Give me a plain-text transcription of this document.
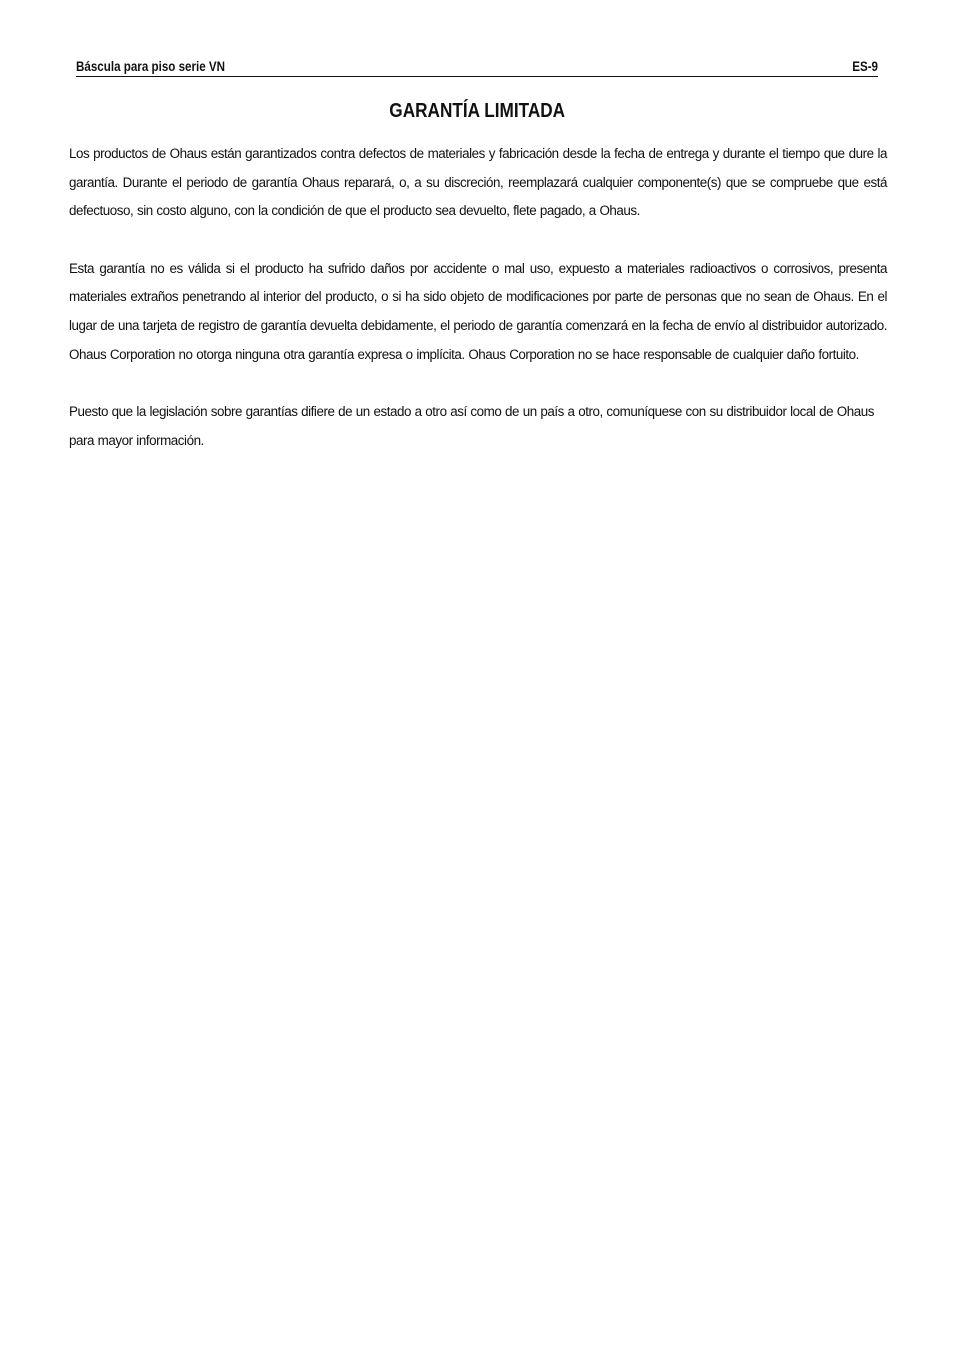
Báscula para piso serie VN	ES-9
GARANTÍA LIMITADA

Los productos de Ohaus están garantizados contra defectos de materiales y fabricación desde la fecha de entrega y durante el tiempo que dure la garantía. Durante el periodo de garantía Ohaus reparará, o, a su discreción, reemplazará cualquier componente(s) que se compruebe que está defectuoso, sin costo alguno, con la condición de que el producto sea devuelto, flete pagado, a Ohaus.

Esta garantía no es válida si el producto ha sufrido daños por accidente o mal uso, expuesto a materiales radioactivos o corrosivos, presenta materiales extraños penetrando al interior del producto, o si ha sido objeto de modificaciones por parte de personas que no sean de Ohaus. En el lugar de una tarjeta de registro de garantía devuelta debidamente, el periodo de garantía comenzará en la fecha de envío al distribuidor autorizado. Ohaus Corporation no otorga ninguna otra garantía expresa o implícita. Ohaus Corporation no se hace responsable de cualquier daño fortuito.

Puesto que la legislación sobre garantías difiere de un estado a otro así como de un país a otro, comuníquese con su distribuidor local de Ohaus para mayor información.
